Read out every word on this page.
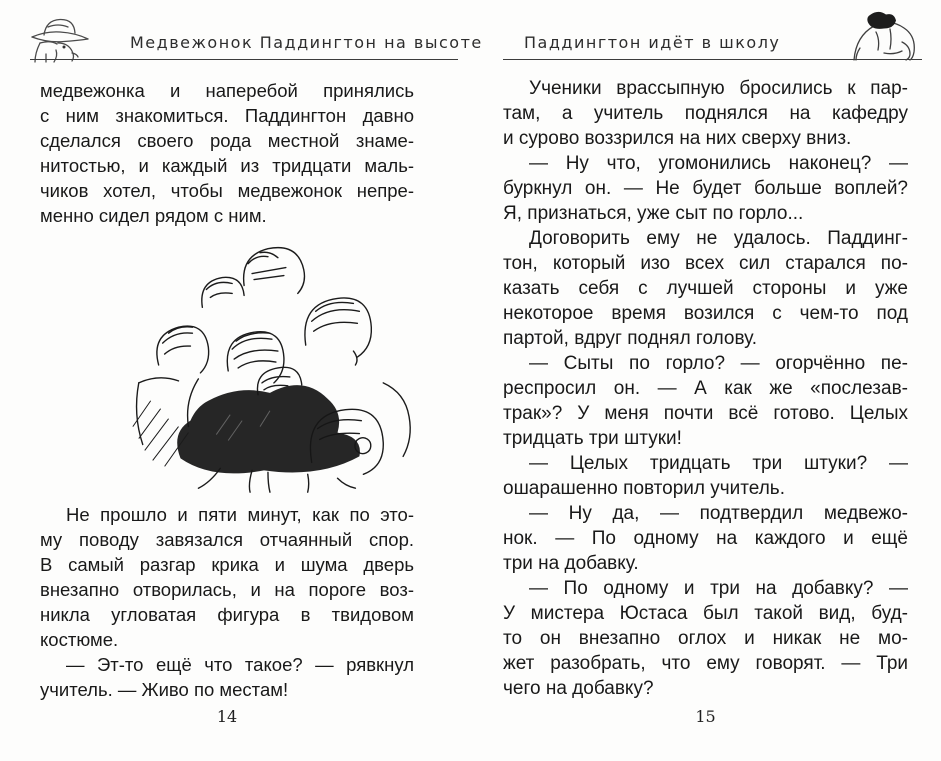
Медвежонок Паддингтон на высоте
медвежонка и наперебой принялись
с ним знакомиться. Паддингтон давно
сделался своего рода местной знаме-
нитостью, и каждый из тридцати маль-
чиков хотел, чтобы медвежонок непре-
менно сидел рядом с ним.
Не прошло и пяти минут, как по это-
му поводу завязался отчаянный спор.
В самый разгар крика и шума дверь
внезапно отворилась, и на пороге воз-
никла угловатая фигура в твидовом
костюме.
— Эт-то ещё что такое? — рявкнул
учитель. — Живо по местам!
14
Паддингтон идёт в школу
Ученики врассыпную бросились к пар-
там, а учитель поднялся на кафедру
и сурово воззрился на них сверху вниз.
— Ну что, угомонились наконец? —
буркнул он. — Не будет больше воплей?
Я, признаться, уже сыт по горло...
Договорить ему не удалось. Паддинг-
тон, который изо всех сил старался по-
казать себя с лучшей стороны и уже
некоторое время возился с чем-то под
партой, вдруг поднял голову.
— Сыты по горло? — огорчённо пе-
респросил он. — А как же «послезав-
трак»? У меня почти всё готово. Целых
тридцать три штуки!
— Целых тридцать три штуки? —
ошарашенно повторил учитель.
— Ну да, — подтвердил медвежо-
нок. — По одному на каждого и ещё
три на добавку.
— По одному и три на добавку? —
У мистера Юстаса был такой вид, буд-
то он внезапно оглох и никак не мо-
жет разобрать, что ему говорят. — Три
чего на добавку?
15
